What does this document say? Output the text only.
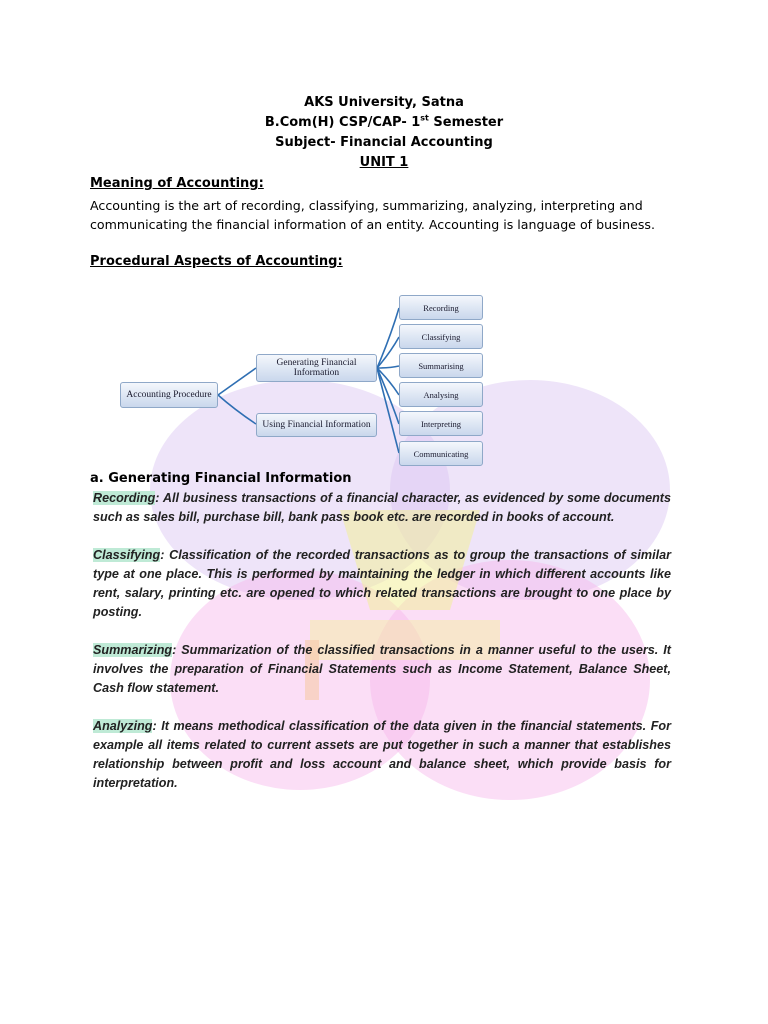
AKS University, Satna
B.Com(H) CSP/CAP- 1st Semester
Subject- Financial Accounting
UNIT 1
Meaning of Accounting:
Accounting is the art of recording, classifying, summarizing, analyzing, interpreting and communicating the financial information of an entity. Accounting is language of business.
Procedural Aspects of Accounting:
Accounting Procedure
Generating Financial Information
Using Financial Information
Recording
Classifying
Summarising
Analysing
Interpreting
Communicating
a. Generating Financial Information
Recording: All business transactions of a financial character, as evidenced by some documents such as sales bill, purchase bill, bank pass book etc. are recorded in books of account.
Classifying: Classification of the recorded transactions as to group the transactions of similar type at one place. This is performed by maintaining the ledger in which different accounts like rent, salary, printing etc. are opened to which related transactions are brought to one place by posting.
Summarizing: Summarization of the classified transactions in a manner useful to the users. It involves the preparation of Financial Statements such as Income Statement, Balance Sheet, Cash flow statement.
Analyzing: It means methodical classification of the data given in the financial statements. For example all items related to current assets are put together in such a manner that establishes relationship between profit and loss account and balance sheet, which provide basis for interpretation.
